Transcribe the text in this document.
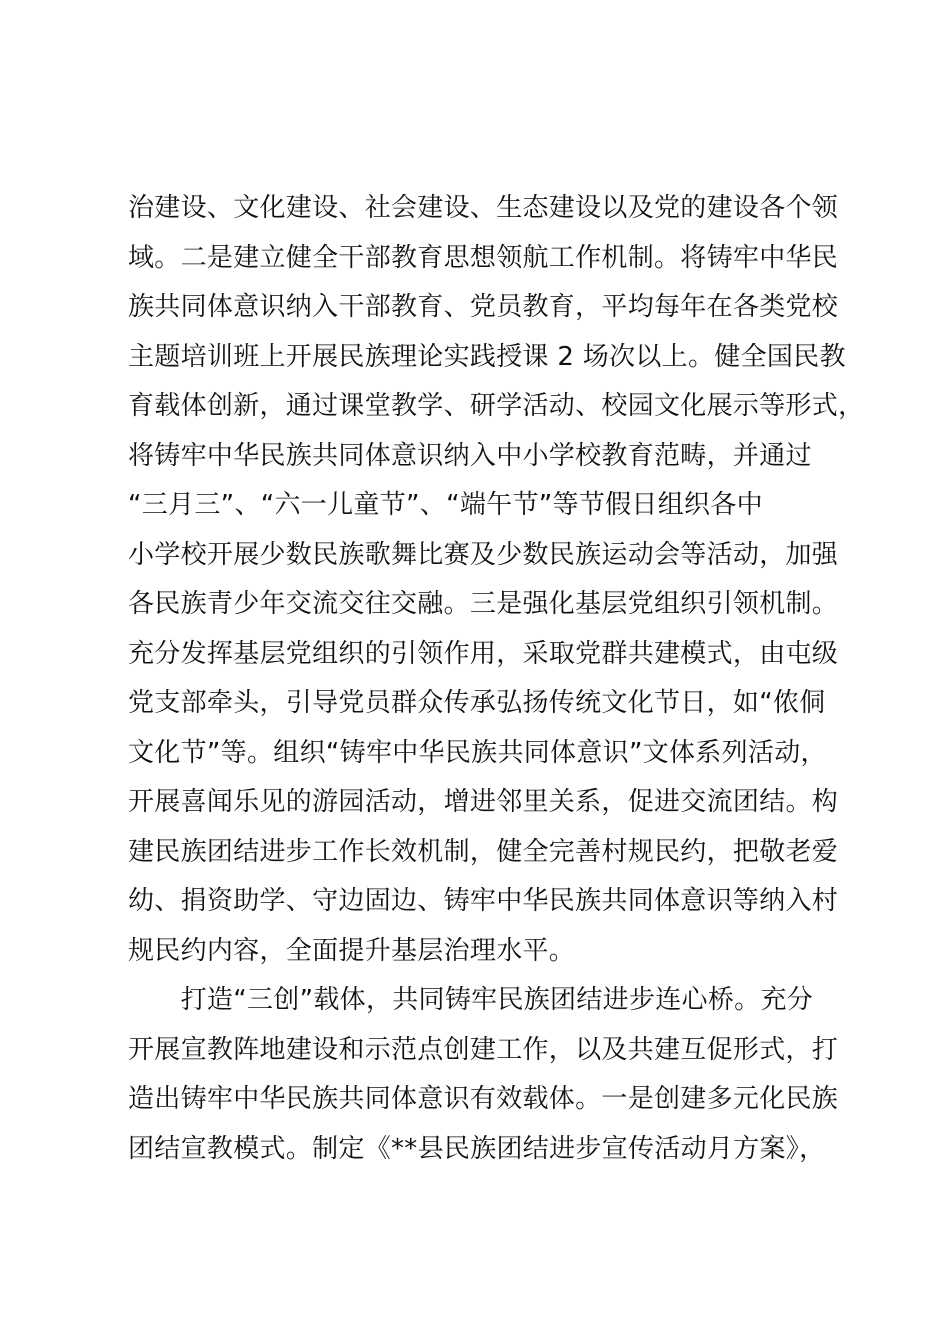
治建设、文化建设、社会建设、生态建设以及党的建设各个领
域。二是建立健全干部教育思想领航工作机制。将铸牢中华民
族共同体意识纳入干部教育、党员教育，平均每年在各类党校
主题培训班上开展民族理论实践授课 2 场次以上。健全国民教
育载体创新，通过课堂教学、研学活动、校园文化展示等形式，
将铸牢中华民族共同体意识纳入中小学校教育范畴，并通过
“三月三”、“六一儿童节”、“端午节”等节假日组织各中
小学校开展少数民族歌舞比赛及少数民族运动会等活动，加强
各民族青少年交流交往交融。三是强化基层党组织引领机制。
充分发挥基层党组织的引领作用，采取党群共建模式，由屯级
党支部牵头，引导党员群众传承弘扬传统文化节日，如“侬侗
文化节”等。组织“铸牢中华民族共同体意识”文体系列活动，
开展喜闻乐见的游园活动，增进邻里关系，促进交流团结。构
建民族团结进步工作长效机制，健全完善村规民约，把敬老爱
幼、捐资助学、守边固边、铸牢中华民族共同体意识等纳入村
规民约内容，全面提升基层治理水平。
　　打造“三创”载体，共同铸牢民族团结进步连心桥。充分
开展宣教阵地建设和示范点创建工作，以及共建互促形式，打
造出铸牢中华民族共同体意识有效载体。一是创建多元化民族
团结宣教模式。制定《**县民族团结进步宣传活动月方案》，
